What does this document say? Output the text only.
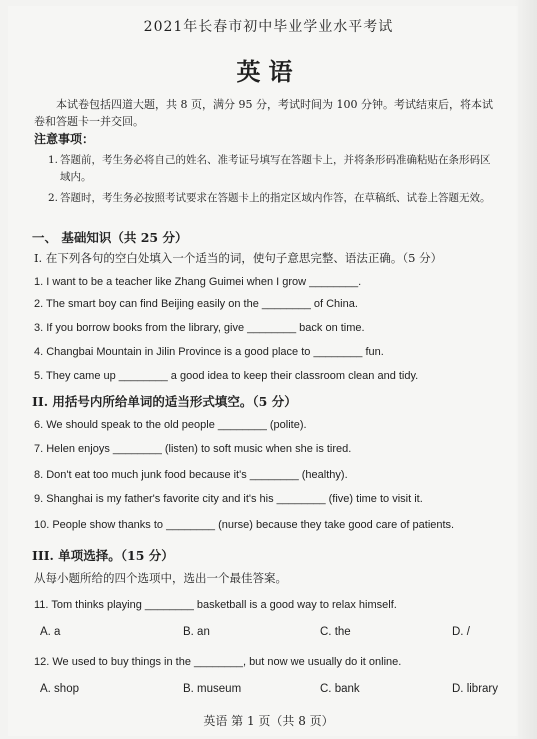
2021年长春市初中毕业学业水平考试
英语
本试卷包括四道大题，共 8 页，满分 95 分，考试时间为 100 分钟。考试结束后，将本试卷和答题卡一并交回。
注意事项：
1. 答题前，考生务必将自己的姓名、准考证号填写在答题卡上，并将条形码准确粘贴在条形码区域内。
2. 答题时，考生务必按照考试要求在答题卡上的指定区域内作答，在草稿纸、试卷上答题无效。
一、 基础知识（共 25 分）
I. 在下列各句的空白处填入一个适当的词，使句子意思完整、语法正确。（5 分）
1. I want to be a teacher like Zhang Guimei when I grow ________.
2. The smart boy can find Beijing easily on the ________ of China.
3. If you borrow books from the library, give ________ back on time.
4. Changbai Mountain in Jilin Province is a good place to ________ fun.
5. They came up ________ a good idea to keep their classroom clean and tidy.
II. 用括号内所给单词的适当形式填空。（5 分）
6. We should speak to the old people ________ (polite).
7. Helen enjoys ________ (listen) to soft music when she is tired.
8. Don't eat too much junk food because it's ________ (healthy).
9. Shanghai is my father's favorite city and it's his ________ (five) time to visit it.
10. People show thanks to ________ (nurse) because they take good care of patients.
III. 单项选择。（15 分）
从每小题所给的四个选项中，选出一个最佳答案。
11. Tom thinks playing ________ basketball is a good way to relax himself.
A. a	B. an	C. the	D. /
12. We used to buy things in the ________, but now we usually do it online.
A. shop	B. museum	C. bank	D. library
英语 第 1 页（共 8 页）
